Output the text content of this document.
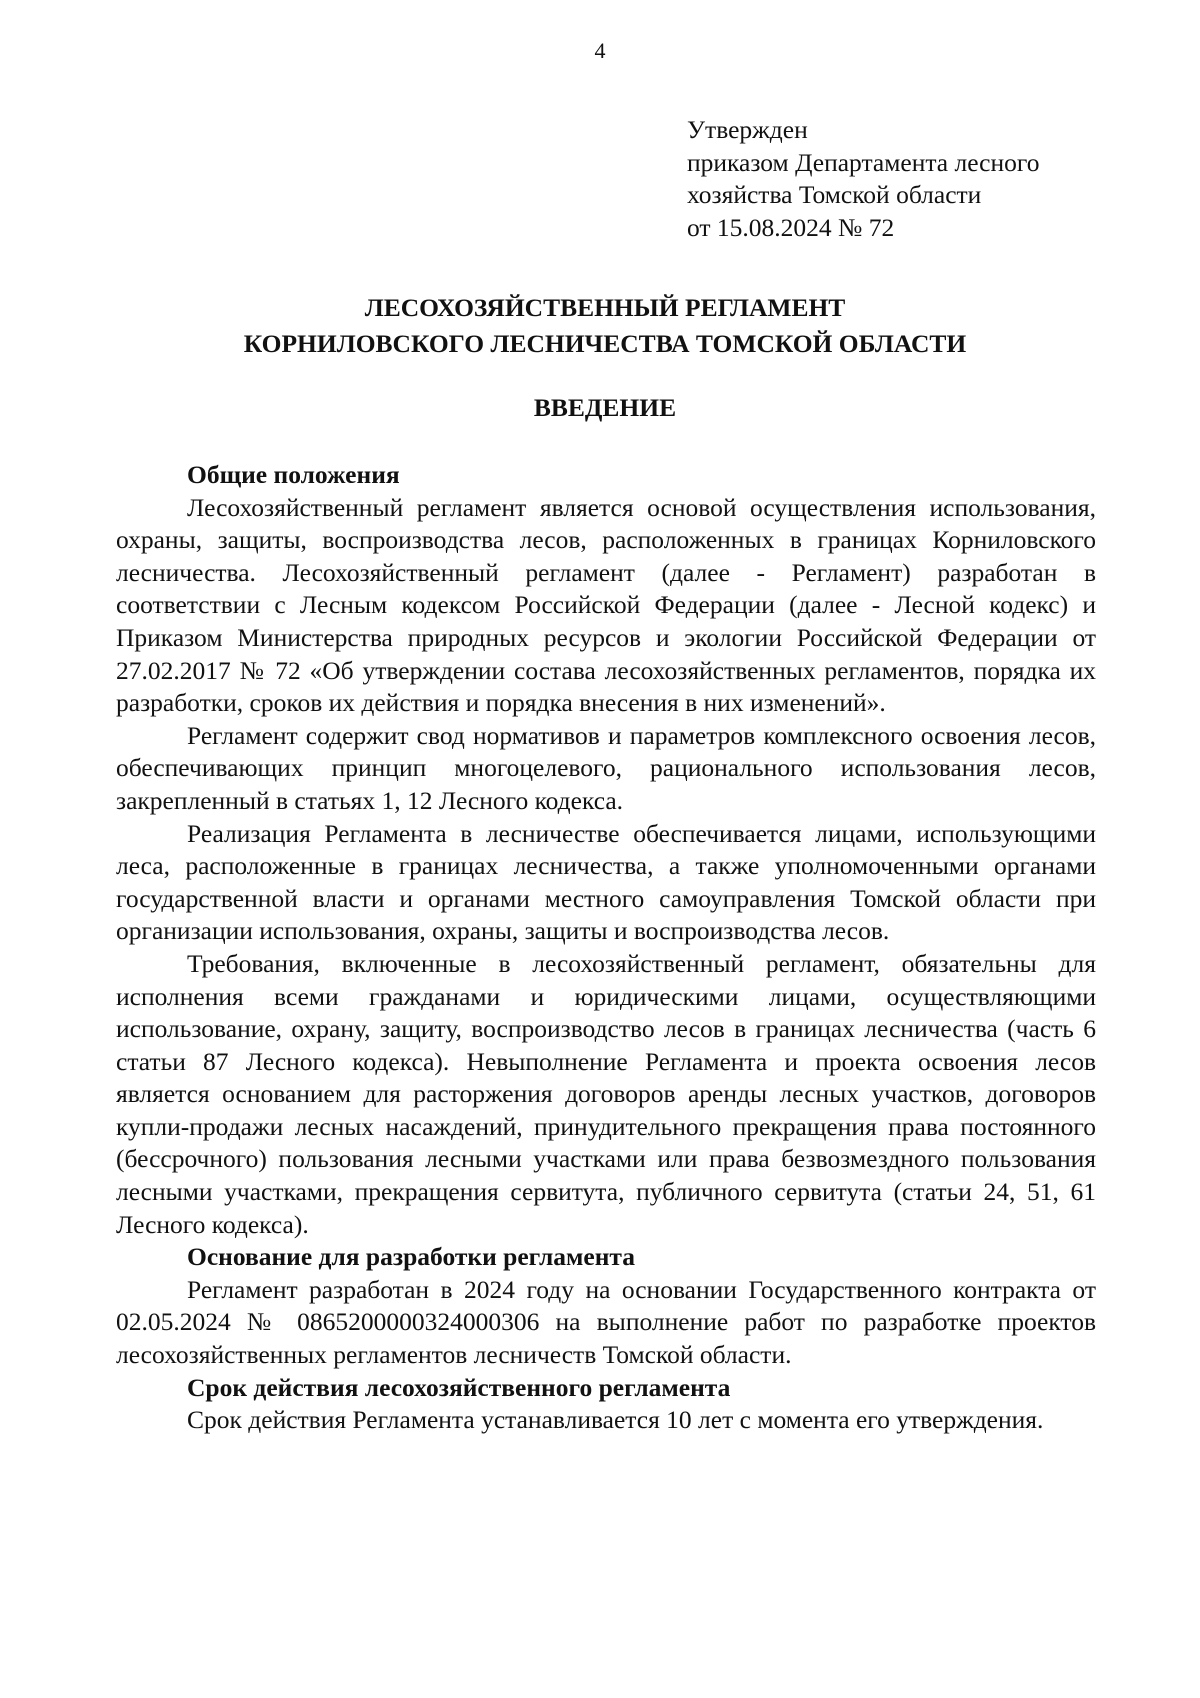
4
Утвержден
приказом Департамента лесного
хозяйства Томской области
от 15.08.2024 № 72
ЛЕСОХОЗЯЙСТВЕННЫЙ РЕГЛАМЕНТ
КОРНИЛОВСКОГО ЛЕСНИЧЕСТВА ТОМСКОЙ ОБЛАСТИ
ВВЕДЕНИЕ

Общие положения

Лесохозяйственный регламент является основой осуществления использования, охраны, защиты, воспроизводства лесов, расположенных в границах Корниловского лесничества. Лесохозяйственный регламент (далее - Регламент) разработан в соответствии с Лесным кодексом Российской Федерации (далее - Лесной кодекс) и Приказом Министерства природных ресурсов и экологии Российской Федерации от 27.02.2017 № 72 «Об утверждении состава лесохозяйственных регламентов, порядка их разработки, сроков их действия и порядка внесения в них изменений».

Регламент содержит свод нормативов и параметров комплексного освоения лесов, обеспечивающих принцип многоцелевого, рационального использования лесов, закрепленный в статьях 1, 12 Лесного кодекса.

Реализация Регламента в лесничестве обеспечивается лицами, использующими леса, расположенные в границах лесничества, а также уполномоченными органами государственной власти и органами местного самоуправления Томской области при организации использования, охраны, защиты и воспроизводства лесов.

Требования, включенные в лесохозяйственный регламент, обязательны для исполнения всеми гражданами и юридическими лицами, осуществляющими использование, охрану, защиту, воспроизводство лесов в границах лесничества (часть 6 статьи 87 Лесного кодекса). Невыполнение Регламента и проекта освоения лесов является основанием для расторжения договоров аренды лесных участков, договоров купли-продажи лесных насаждений, принудительного прекращения права постоянного (бессрочного) пользования лесными участками или права безвозмездного пользования лесными участками, прекращения сервитута, публичного сервитута (статьи 24, 51, 61 Лесного кодекса).

Основание для разработки регламента

Регламент разработан в 2024 году на основании Государственного контракта от 02.05.2024 № 0865200000324000306 на выполнение работ по разработке проектов лесохозяйственных регламентов лесничеств Томской области.

Срок действия лесохозяйственного регламента

Срок действия Регламента устанавливается 10 лет с момента его утверждения.
